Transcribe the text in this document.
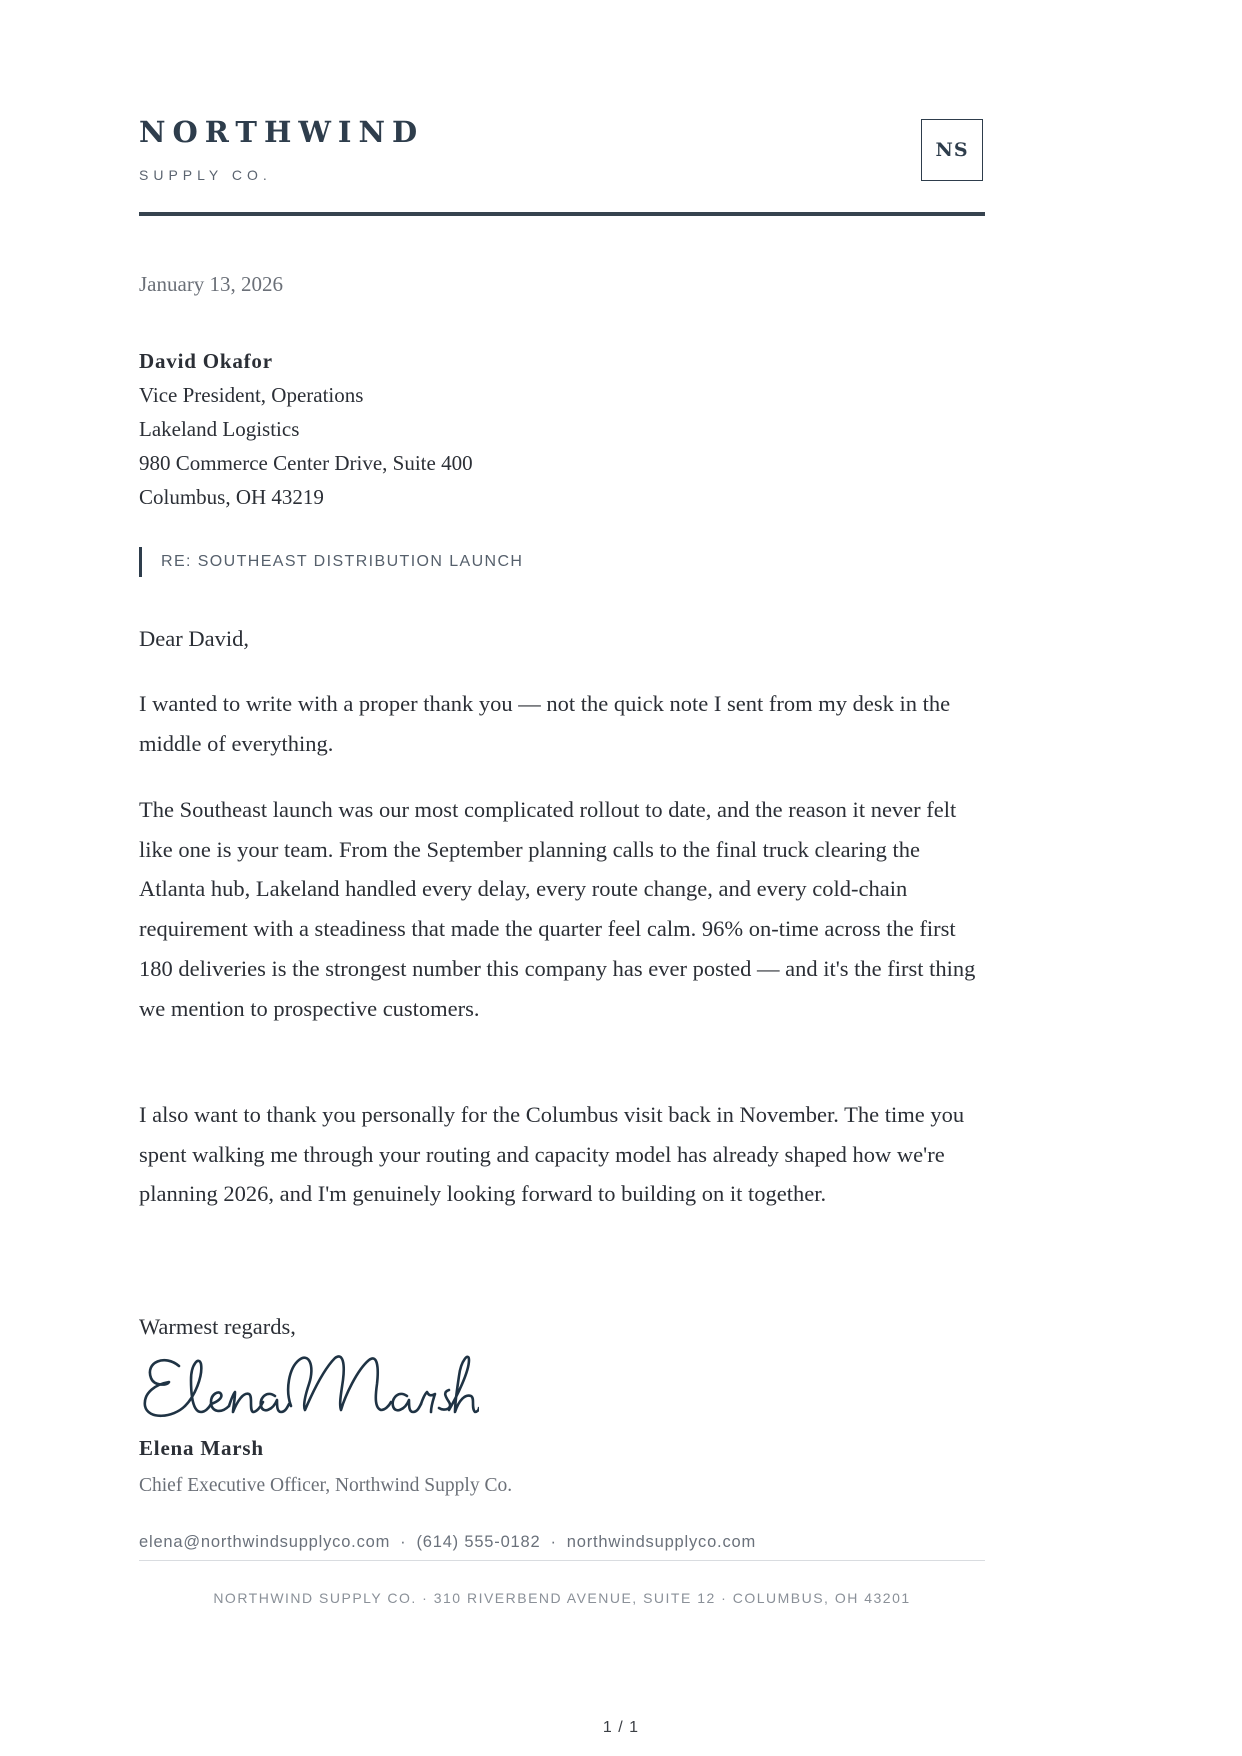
NORTHWIND
SUPPLY CO.
NS
January 13, 2026
David Okafor
Vice President, Operations
Lakeland Logistics
980 Commerce Center Drive, Suite 400
Columbus, OH 43219
RE: SOUTHEAST DISTRIBUTION LAUNCH
Dear David,

I wanted to write with a proper thank you — not the quick note I sent from my desk in the middle of everything.

The Southeast launch was our most complicated rollout to date, and the reason it never felt like one is your team. From the September planning calls to the final truck clearing the Atlanta hub, Lakeland handled every delay, every route change, and every cold-chain requirement with a steadiness that made the quarter feel calm. 96% on-time across the first 180 deliveries is the strongest number this company has ever posted — and it's the first thing we mention to prospective customers.

I also want to thank you personally for the Columbus visit back in November. The time you spent walking me through your routing and capacity model has already shaped how we're planning 2026, and I'm genuinely looking forward to building on it together.

Warmest regards,
Elena Marsh
Chief Executive Officer, Northwind Supply Co.
elena@northwindsupplyco.com · (614) 555-0182 · northwindsupplyco.com
NORTHWIND SUPPLY CO. · 310 RIVERBEND AVENUE, SUITE 12 · COLUMBUS, OH 43201
1 / 1
